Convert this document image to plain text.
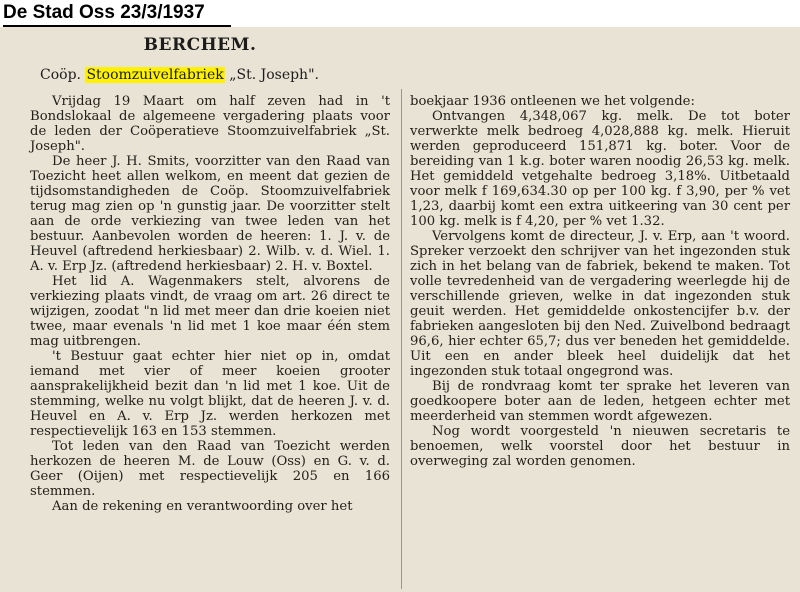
De Stad Oss 23/3/1937
BERCHEM.
Coöp. Stoomzuivelfabriek „St. Joseph".

Vrijdag 19 Maart om half zeven had in 't Bondslokaal de algemeene vergadering plaats voor de leden der Coöperatieve Stoomzuivelfabriek „St. Joseph".

De heer J. H. Smits, voorzitter van den Raad van Toezicht heet allen welkom, en meent dat gezien de tijdsomstandigheden de Coöp. Stoomzuivelfabriek terug mag zien op 'n gunstig jaar. De voorzitter stelt aan de orde verkiezing van twee leden van het bestuur. Aanbevolen worden de heeren: 1. J. v. de Heuvel (aftredend herkiesbaar) 2. Wilb. v. d. Wiel. 1. A. v. Erp Jz. (aftredend herkiesbaar) 2. H. v. Boxtel.

Het lid A. Wagenmakers stelt, alvorens de verkiezing plaats vindt, de vraag om art. 26 direct te wijzigen, zoodat "n lid met meer dan drie koeien niet twee, maar evenals 'n lid met 1 koe maar één stem mag uitbrengen.

't Bestuur gaat echter hier niet op in, omdat iemand met vier of meer koeien grooter aansprakelijkheid bezit dan 'n lid met 1 koe. Uit de stemming, welke nu volgt blijkt, dat de heeren J. v. d. Heuvel en A. v. Erp Jz. werden herkozen met respectievelijk 163 en 153 stemmen.

Tot leden van den Raad van Toezicht werden herkozen de heeren M. de Louw (Oss) en G. v. d. Geer (Oijen) met respectievelijk 205 en 166 stemmen.

Aan de rekening en verantwoording over het

boekjaar 1936 ontleenen we het volgende:

Ontvangen 4,348,067 kg. melk. De tot boter verwerkte melk bedroeg 4,028,888 kg. melk. Hieruit werden geproduceerd 151,871 kg. boter. Voor de bereiding van 1 k.g. boter waren noodig 26,53 kg. melk. Het gemiddeld vetgehalte bedroeg 3,18%. Uitbetaald voor melk f 169,634.30 op per 100 kg. f 3,90, per % vet 1,23, daarbij komt een extra uitkeering van 30 cent per 100 kg. melk is f 4,20, per % vet 1.32.

Vervolgens komt de directeur, J. v. Erp, aan 't woord. Spreker verzoekt den schrijver van het ingezonden stuk zich in het belang van de fabriek, bekend te maken. Tot volle tevredenheid van de vergadering weerlegde hij de verschillende grieven, welke in dat ingezonden stuk geuit werden. Het gemiddelde onkostencijfer b.v. der fabrieken aangesloten bij den Ned. Zuivelbond bedraagt 96,6, hier echter 65,7; dus ver beneden het gemiddelde. Uit een en ander bleek heel duidelijk dat het ingezonden stuk totaal ongegrond was.

Bij de rondvraag komt ter sprake het leveren van goedkoopere boter aan de leden, hetgeen echter met meerderheid van stemmen wordt afgewezen.

Nog wordt voorgesteld 'n nieuwen secretaris te benoemen, welk voorstel door het bestuur in overweging zal worden genomen.
